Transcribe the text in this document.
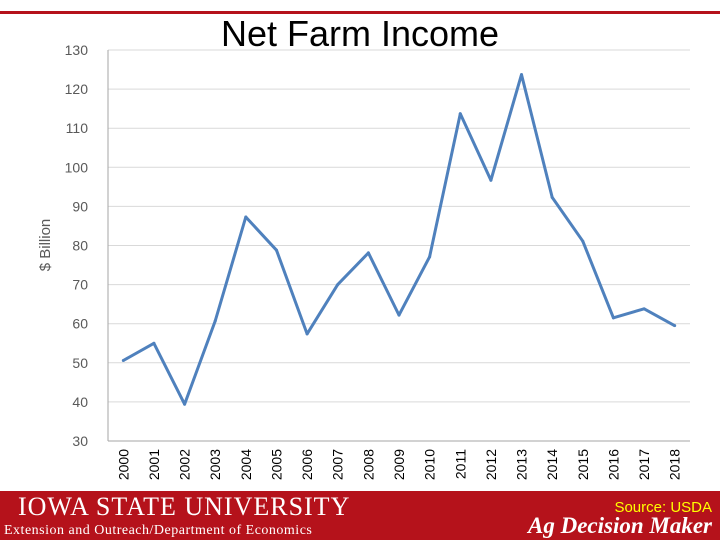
Net Farm Income
30
40
50
60
70
80
90
100
110
120
130
2000 2001 2002 2003 2004 2005 2006 2007 2008 2009 2010 2011 2012 2013 2014 2015 2016 2017 2018
$ Billion
IOWA STATE UNIVERSITY
Extension and Outreach/Department of Economics
Source: USDA
Ag Decision Maker
